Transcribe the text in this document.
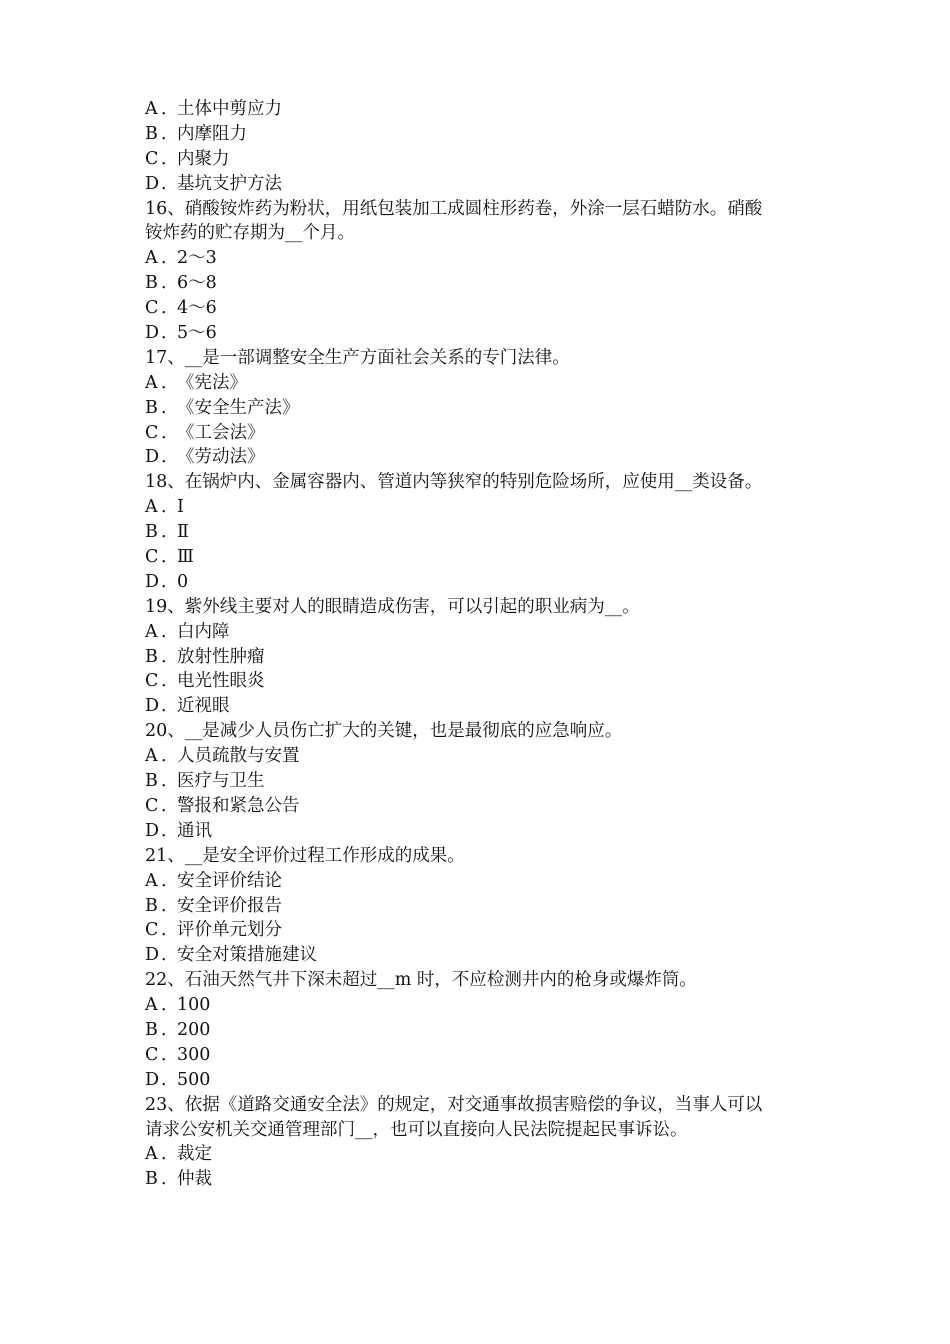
A ．土体中剪应力
B ．内摩阻力
C ．内聚力
D ．基坑支护方法
16、硝酸铵炸药为粉状，用纸包装加工成圆柱形药卷，外涂一层石蜡防水。硝酸
铵炸药的贮存期为__个月。
A ．2～3
B ．6～8
C ．4～6
D ．5～6
17、__是一部调整安全生产方面社会关系的专门法律。
A ．《宪法》
B ．《安全生产法》
C ．《工会法》
D ．《劳动法》
18、在锅炉内、金属容器内、管道内等狭窄的特别危险场所，应使用__类设备。
A ．Ⅰ
B ．Ⅱ
C ．Ⅲ
D ．0
19、紫外线主要对人的眼睛造成伤害，可以引起的职业病为__。
A ．白内障
B ．放射性肿瘤
C ．电光性眼炎
D ．近视眼
20、__是减少人员伤亡扩大的关键，也是最彻底的应急响应。
A ．人员疏散与安置
B ．医疗与卫生
C ．警报和紧急公告
D ．通讯
21、__是安全评价过程工作形成的成果。
A ．安全评价结论
B ．安全评价报告
C ．评价单元划分
D ．安全对策措施建议
22、石油天然气井下深未超过__m 时，不应检测井内的枪身或爆炸筒。
A ．100
B ．200
C ．300
D ．500
23、依据《道路交通安全法》的规定，对交通事故损害赔偿的争议，当事人可以
请求公安机关交通管理部门__，也可以直接向人民法院提起民事诉讼。
A ．裁定
B ．仲裁
